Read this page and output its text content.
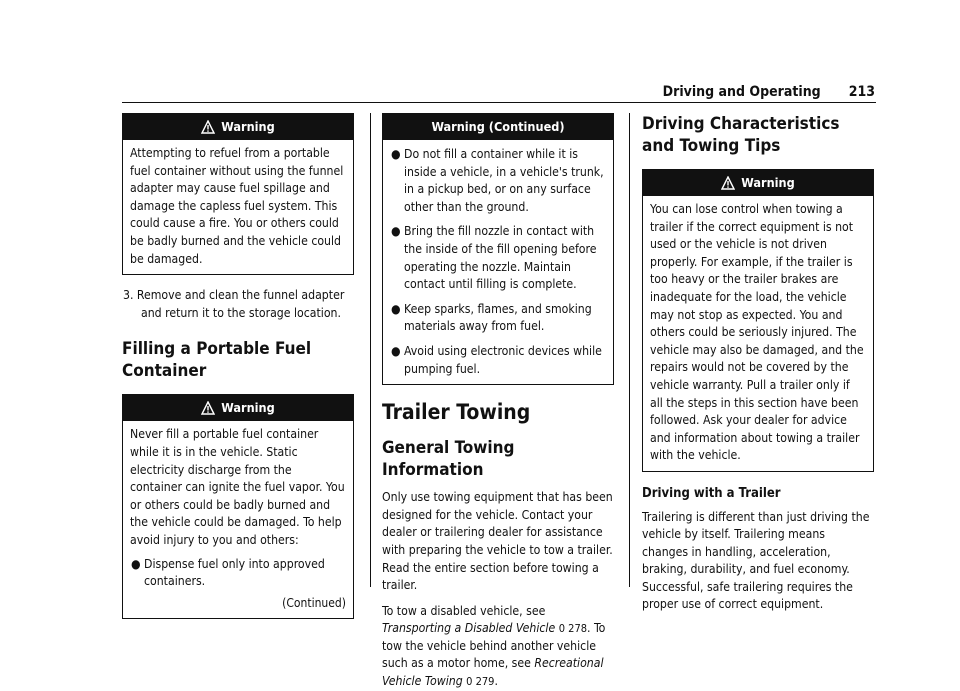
Driving and Operating 213
Warning

Attempting to refuel from a portable fuel container without using the funnel adapter may cause fuel spillage and damage the capless fuel system. This could cause a fire. You or others could be badly burned and the vehicle could be damaged.

3. Remove and clean the funnel adapter and return it to the storage location.

Filling a Portable Fuel Container
Warning

Never fill a portable fuel container while it is in the vehicle. Static electricity discharge from the container can ignite the fuel vapor. You or others could be badly burned and the vehicle could be damaged. To help avoid injury to you and others:

● Dispense fuel only into approved containers.
(Continued)
Warning (Continued)
● Do not fill a container while it is inside a vehicle, in a vehicle's trunk, in a pickup bed, or on any surface other than the ground.
● Bring the fill nozzle in contact with the inside of the fill opening before operating the nozzle. Maintain contact until filling is complete.
● Keep sparks, flames, and smoking materials away from fuel.
● Avoid using electronic devices while pumping fuel.
Trailer Towing
General Towing Information

Only use towing equipment that has been designed for the vehicle. Contact your dealer or trailering dealer for assistance with preparing the vehicle to tow a trailer. Read the entire section before towing a trailer.

To tow a disabled vehicle, see Transporting a Disabled Vehicle 0 278. To tow the vehicle behind another vehicle such as a motor home, see Recreational Vehicle Towing 0 279.

Driving Characteristics and Towing Tips
Warning

You can lose control when towing a trailer if the correct equipment is not used or the vehicle is not driven properly. For example, if the trailer is too heavy or the trailer brakes are inadequate for the load, the vehicle may not stop as expected. You and others could be seriously injured. The vehicle may also be damaged, and the repairs would not be covered by the vehicle warranty. Pull a trailer only if all the steps in this section have been followed. Ask your dealer for advice and information about towing a trailer with the vehicle.

Driving with a Trailer

Trailering is different than just driving the vehicle by itself. Trailering means changes in handling, acceleration, braking, durability, and fuel economy. Successful, safe trailering requires the proper use of correct equipment.
